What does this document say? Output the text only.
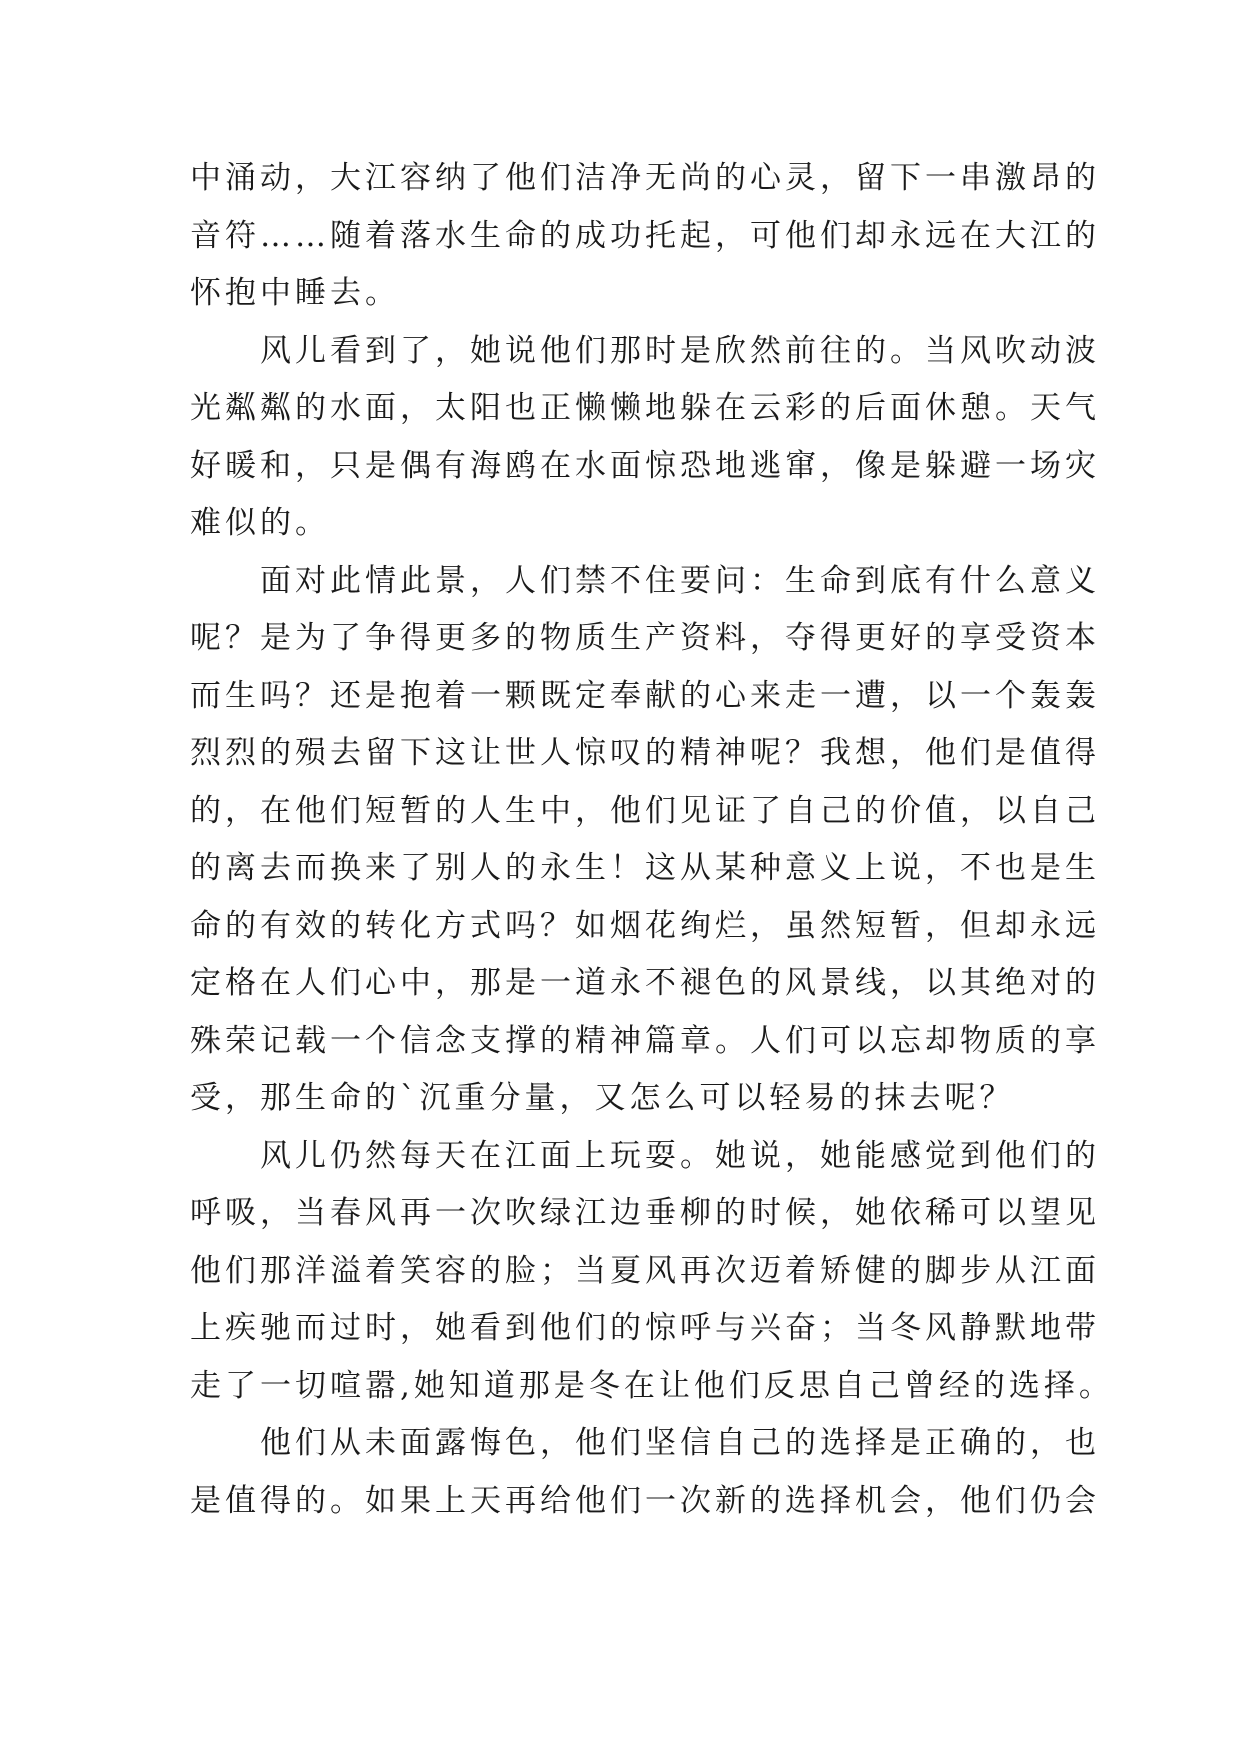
中涌动，大江容纳了他们洁净无尚的心灵，留下一串激昂的
音符……随着落水生命的成功托起，可他们却永远在大江的
怀抱中睡去。
风儿看到了，她说他们那时是欣然前往的。当风吹动波
光粼粼的水面，太阳也正懒懒地躲在云彩的后面休憩。天气
好暖和，只是偶有海鸥在水面惊恐地逃窜，像是躲避一场灾
难似的。
面对此情此景，人们禁不住要问：生命到底有什么意义
呢？是为了争得更多的物质生产资料，夺得更好的享受资本
而生吗？还是抱着一颗既定奉献的心来走一遭，以一个轰轰
烈烈的殒去留下这让世人惊叹的精神呢？我想，他们是值得
的，在他们短暂的人生中，他们见证了自己的价值，以自己
的离去而换来了别人的永生！这从某种意义上说，不也是生
命的有效的转化方式吗？如烟花绚烂，虽然短暂，但却永远
定格在人们心中，那是一道永不褪色的风景线，以其绝对的
殊荣记载一个信念支撑的精神篇章。人们可以忘却物质的享
受，那生命的`沉重分量，又怎么可以轻易的抹去呢？
风儿仍然每天在江面上玩耍。她说，她能感觉到他们的
呼吸，当春风再一次吹绿江边垂柳的时候，她依稀可以望见
他们那洋溢着笑容的脸；当夏风再次迈着矫健的脚步从江面
上疾驰而过时，她看到他们的惊呼与兴奋；当冬风静默地带
走了一切喧嚣,她知道那是冬在让他们反思自己曾经的选择。
他们从未面露悔色，他们坚信自己的选择是正确的，也
是值得的。如果上天再给他们一次新的选择机会，他们仍会
